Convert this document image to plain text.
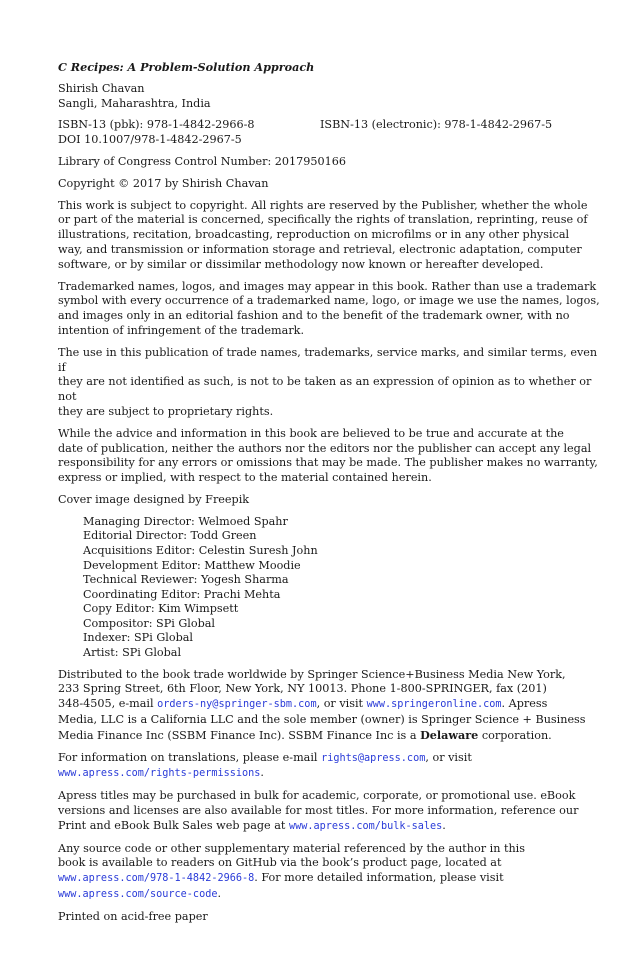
C Recipes: A Problem-Solution Approach

Shirish Chavan
Sangli, Maharashtra, India
ISBN-13 (pbk): 978-1-4842-2966-8	ISBN-13 (electronic): 978-1-4842-2967-5
DOI 10.1007/978-1-4842-2967-5

Library of Congress Control Number: 2017950166

Copyright © 2017 by Shirish Chavan

This work is subject to copyright. All rights are reserved by the Publisher, whether the whole
or part of the material is concerned, specifically the rights of translation, reprinting, reuse of
illustrations, recitation, broadcasting, reproduction on microfilms or in any other physical
way, and transmission or information storage and retrieval, electronic adaptation, computer
software, or by similar or dissimilar methodology now known or hereafter developed.
Trademarked names, logos, and images may appear in this book. Rather than use a trademark
symbol with every occurrence of a trademarked name, logo, or image we use the names, logos,
and images only in an editorial fashion and to the benefit of the trademark owner, with no
intention of infringement of the trademark.
The use in this publication of trade names, trademarks, service marks, and similar terms, even if
they are not identified as such, is not to be taken as an expression of opinion as to whether or not
they are subject to proprietary rights.
While the advice and information in this book are believed to be true and accurate at the
date of publication, neither the authors nor the editors nor the publisher can accept any legal
responsibility for any errors or omissions that may be made. The publisher makes no warranty,
express or implied, with respect to the material contained herein.

Cover image designed by Freepik

Managing Director: Welmoed Spahr
Editorial Director: Todd Green
Acquisitions Editor: Celestin Suresh John
Development Editor: Matthew Moodie
Technical Reviewer: Yogesh Sharma
Coordinating Editor: Prachi Mehta
Copy Editor: Kim Wimpsett
Compositor: SPi Global
Indexer: SPi Global
Artist: SPi Global
Distributed to the book trade worldwide by Springer Science+Business Media New York,
233 Spring Street, 6th Floor, New York, NY 10013. Phone 1-800-SPRINGER, fax (201)
348-4505, e-mail orders-ny@springer-sbm.com, or visit www.springeronline.com. Apress
Media, LLC is a California LLC and the sole member (owner) is Springer Science + Business
Media Finance Inc (SSBM Finance Inc). SSBM Finance Inc is a Delaware corporation.
For information on translations, please e-mail rights@apress.com, or visit
www.apress.com/rights-permissions.
Apress titles may be purchased in bulk for academic, corporate, or promotional use. eBook
versions and licenses are also available for most titles. For more information, reference our
Print and eBook Bulk Sales web page at www.apress.com/bulk-sales.
Any source code or other supplementary material referenced by the author in this
book is available to readers on GitHub via the book’s product page, located at
www.apress.com/978-1-4842-2966-8. For more detailed information, please visit
www.apress.com/source-code.

Printed on acid-free paper
